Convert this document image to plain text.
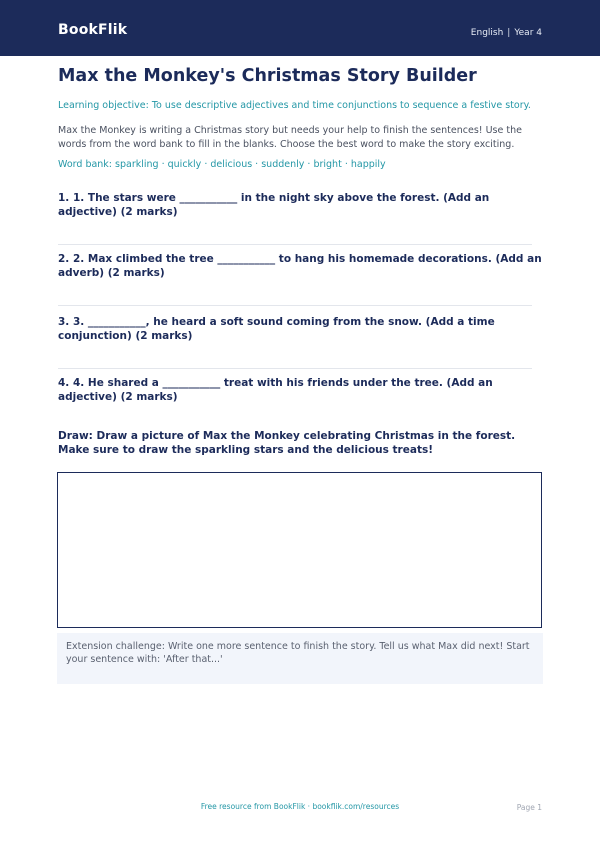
BookFlik	English | Year 4
Max the Monkey's Christmas Story Builder
Learning objective: To use descriptive adjectives and time conjunctions to sequence a festive story.
Max the Monkey is writing a Christmas story but needs your help to finish the sentences! Use the words from the word bank to fill in the blanks. Choose the best word to make the story exciting.
Word bank: sparkling · quickly · delicious · suddenly · bright · happily
1. 1. The stars were ___________ in the night sky above the forest. (Add an adjective) (2 marks)
2. 2. Max climbed the tree ___________ to hang his homemade decorations. (Add an adverb) (2 marks)
3. 3. ___________, he heard a soft sound coming from the snow. (Add a time conjunction) (2 marks)
4. 4. He shared a ___________ treat with his friends under the tree. (Add an adjective) (2 marks)
Draw: Draw a picture of Max the Monkey celebrating Christmas in the forest. Make sure to draw the sparkling stars and the delicious treats!
Extension challenge: Write one more sentence to finish the story. Tell us what Max did next! Start your sentence with: 'After that...'
Free resource from BookFlik · bookflik.com/resources	Page 1
